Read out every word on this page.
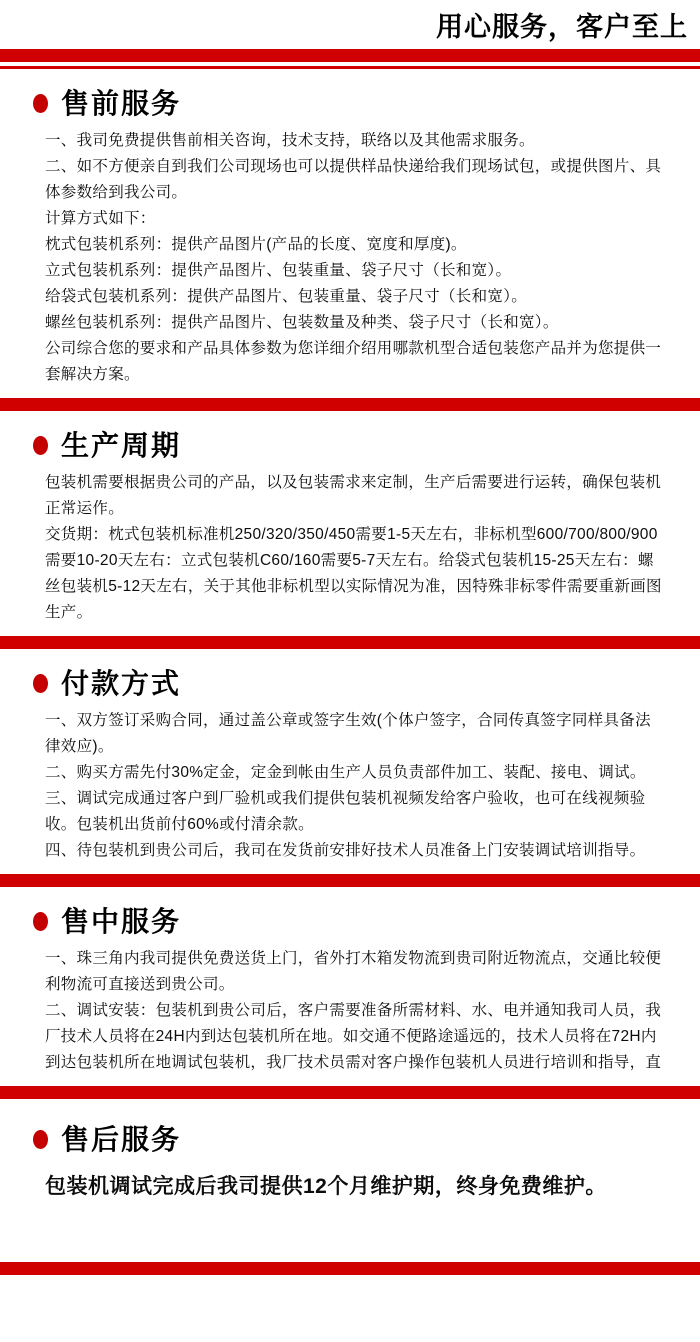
用心服务，客户至上
售前服务

一、我司免费提供售前相关咨询，技术支持，联络以及其他需求服务。

二、如不方便亲自到我们公司现场也可以提供样品快递给我们现场试包，或提供图片、具体参数给到我公司。

计算方式如下：

枕式包装机系列：提供产品图片(产品的长度、宽度和厚度)。

立式包装机系列：提供产品图片、包装重量、袋子尺寸（长和宽）。

给袋式包装机系列：提供产品图片、包装重量、袋子尺寸（长和宽）。

螺丝包装机系列：提供产品图片、包装数量及种类、袋子尺寸（长和宽）。

公司综合您的要求和产品具体参数为您详细介绍用哪款机型合适包装您产品并为您提供一套解决方案。

生产周期

包装机需要根据贵公司的产品，以及包装需求来定制，生产后需要进行运转，确保包装机正常运作。

交货期：枕式包装机标准机250/320/350/450需要1-5天左右，非标机型600/700/800/900需要10-20天左右：立式包装机C60/160需要5-7天左右。给袋式包装机15-25天左右：螺丝包装机5-12天左右，关于其他非标机型以实际情况为准，因特殊非标零件需要重新画图生产。

付款方式

一、双方签订采购合同，通过盖公章或签字生效(个体户签字，合同传真签字同样具备法律效应)。

二、购买方需先付30%定金，定金到帐由生产人员负责部件加工、装配、接电、调试。

三、调试完成通过客户到厂验机或我们提供包装机视频发给客户验收，也可在线视频验收。包装机出货前付60%或付清余款。

四、待包装机到贵公司后，我司在发货前安排好技术人员准备上门安装调试培训指导。

售中服务

一、珠三角内我司提供免费送货上门，省外打木箱发物流到贵司附近物流点，交通比较便利物流可直接送到贵公司。

二、调试安装：包装机到贵公司后，客户需要准备所需材料、水、电并通知我司人员，我厂技术人员将在24H内到达包装机所在地。如交通不便路途遥远的，技术人员将在72H内到达包装机所在地调试包装机，我厂技术员需对客户操作包装机人员进行培训和指导，直

售后服务

包装机调试完成后我司提供12个月维护期，终身免费维护。
